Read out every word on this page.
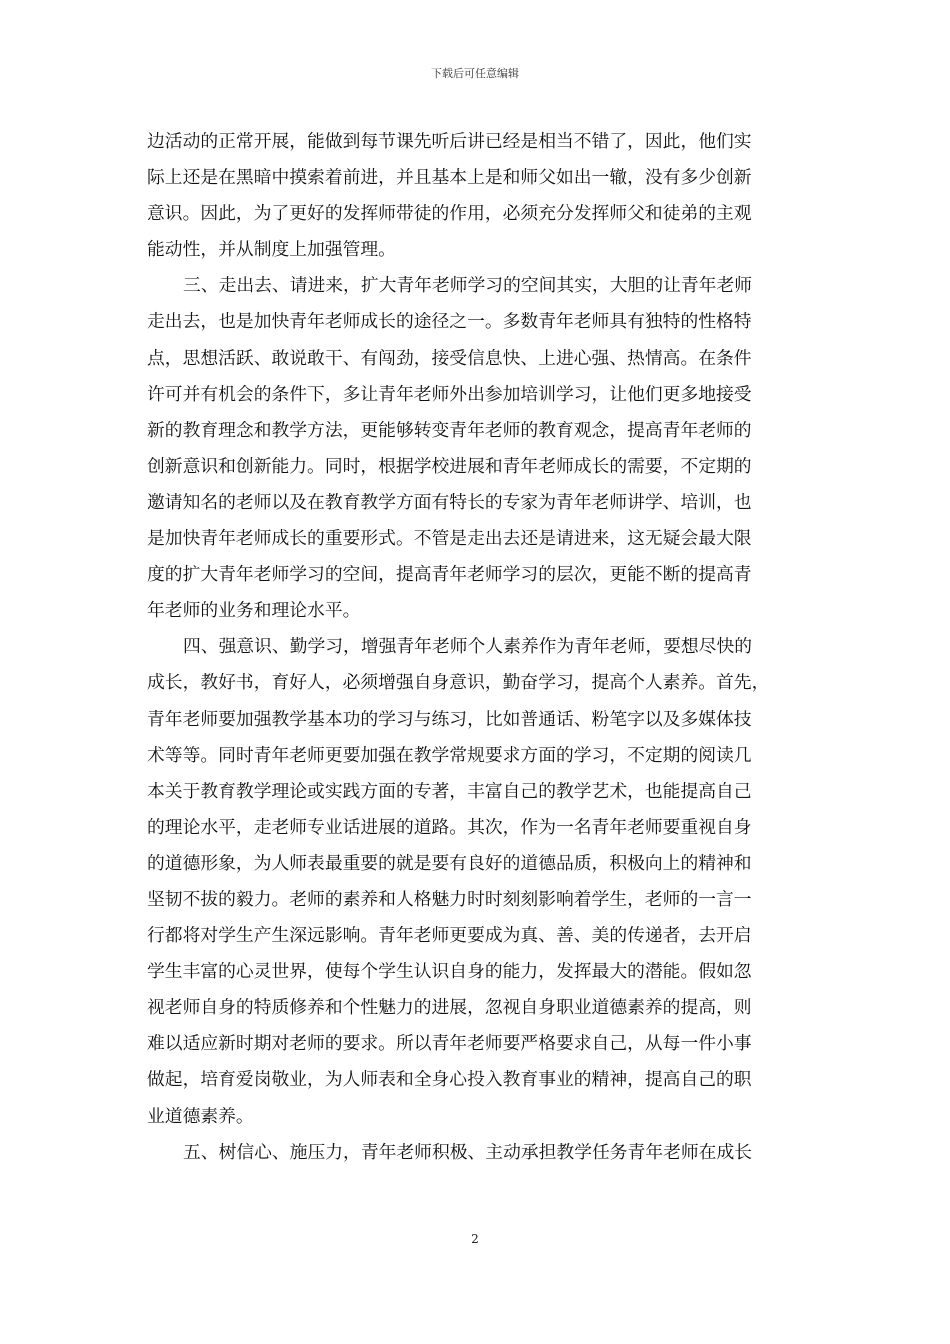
下载后可任意编辑
边活动的正常开展，能做到每节课先听后讲已经是相当不错了，因此，他们实
际上还是在黑暗中摸索着前进，并且基本上是和师父如出一辙，没有多少创新
意识。因此，为了更好的发挥师带徒的作用，必须充分发挥师父和徒弟的主观
能动性，并从制度上加强管理。
三、走出去、请进来，扩大青年老师学习的空间其实，大胆的让青年老师
走出去，也是加快青年老师成长的途径之一。多数青年老师具有独特的性格特
点，思想活跃、敢说敢干、有闯劲，接受信息快、上进心强、热情高。在条件
许可并有机会的条件下，多让青年老师外出参加培训学习，让他们更多地接受
新的教育理念和教学方法，更能够转变青年老师的教育观念，提高青年老师的
创新意识和创新能力。同时，根据学校进展和青年老师成长的需要，不定期的
邀请知名的老师以及在教育教学方面有特长的专家为青年老师讲学、培训，也
是加快青年老师成长的重要形式。不管是走出去还是请进来，这无疑会最大限
度的扩大青年老师学习的空间，提高青年老师学习的层次，更能不断的提高青
年老师的业务和理论水平。
四、强意识、勤学习，增强青年老师个人素养作为青年老师，要想尽快的
成长，教好书，育好人，必须增强自身意识，勤奋学习，提高个人素养。首先，
青年老师要加强教学基本功的学习与练习，比如普通话、粉笔字以及多媒体技
术等等。同时青年老师更要加强在教学常规要求方面的学习，不定期的阅读几
本关于教育教学理论或实践方面的专著，丰富自己的教学艺术，也能提高自己
的理论水平，走老师专业话进展的道路。其次，作为一名青年老师要重视自身
的道德形象，为人师表最重要的就是要有良好的道德品质，积极向上的精神和
坚韧不拔的毅力。老师的素养和人格魅力时时刻刻影响着学生，老师的一言一
行都将对学生产生深远影响。青年老师更要成为真、善、美的传递者，去开启
学生丰富的心灵世界，使每个学生认识自身的能力，发挥最大的潜能。假如忽
视老师自身的特质修养和个性魅力的进展，忽视自身职业道德素养的提高，则
难以适应新时期对老师的要求。所以青年老师要严格要求自己，从每一件小事
做起，培育爱岗敬业，为人师表和全身心投入教育事业的精神，提高自己的职
业道德素养。
五、树信心、施压力，青年老师积极、主动承担教学任务青年老师在成长
2
